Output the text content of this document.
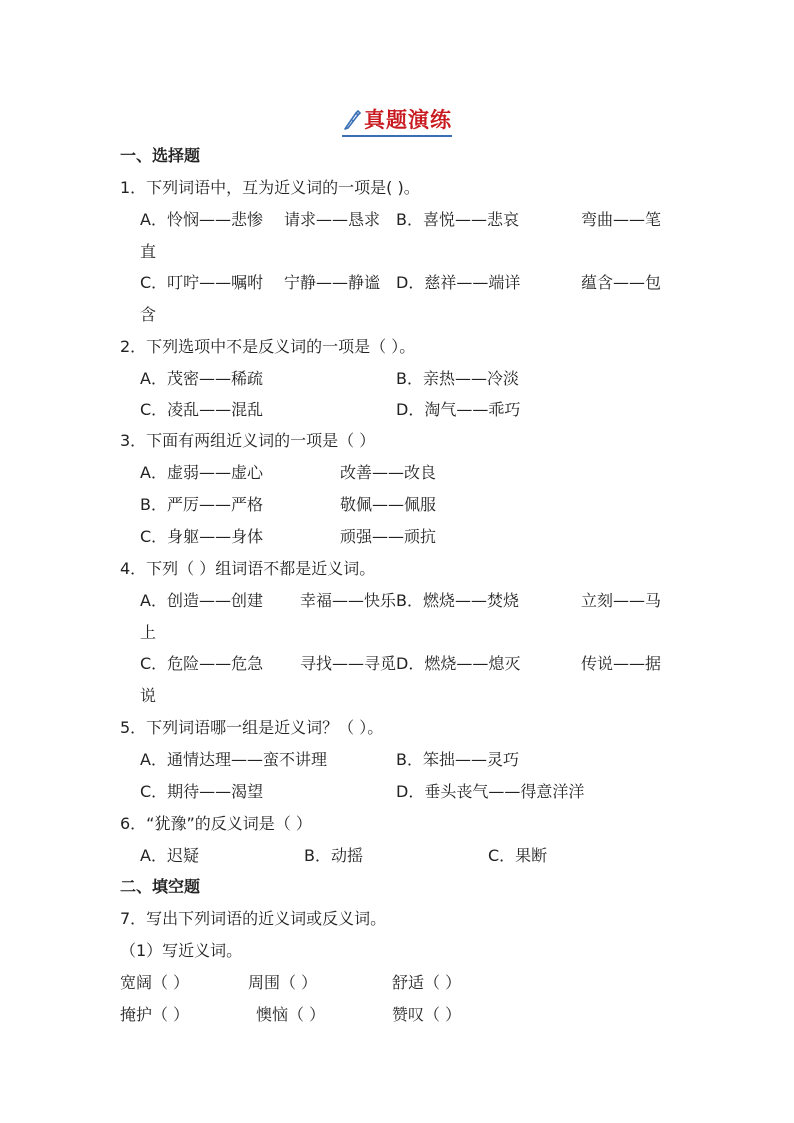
真题演练
一、选择题
1．下列词语中，互为近义词的一项是( )。
A．怜悯——悲惨 请求——恳求 B．喜悦——悲哀	弯曲——笔
直
C．叮咛——嘱咐 宁静——静谧 D．慈祥——端详	蕴含——包
含
2．下列选项中不是反义词的一项是（ ）。
A．茂密——稀疏	B．亲热——冷淡
C．凌乱——混乱	D．淘气——乖巧
3．下面有两组近义词的一项是（ ）
A．虚弱——虚心	改善——改良
B．严厉——严格	敬佩——佩服
C．身躯——身体	顽强——顽抗
4．下列（ ）组词语不都是近义词。
A．创造——创建 幸福——快乐 B．燃烧——焚烧	立刻——马
上
C．危险——危急 寻找——寻觅 D．燃烧——熄灭	传说——据
说
5．下列词语哪一组是近义词？（ ）。
A．通情达理——蛮不讲理	B．笨拙——灵巧
C．期待——渴望	D．垂头丧气——得意洋洋
6．“犹豫”的反义词是（ ）
A．迟疑	B．动摇	C．果断
二、填空题
7．写出下列词语的近义词或反义词。
（1）写近义词。
宽阔（ ）	周围（ ）	舒适（ ）
掩护（ ）	懊恼（ ）	赞叹（ ）
